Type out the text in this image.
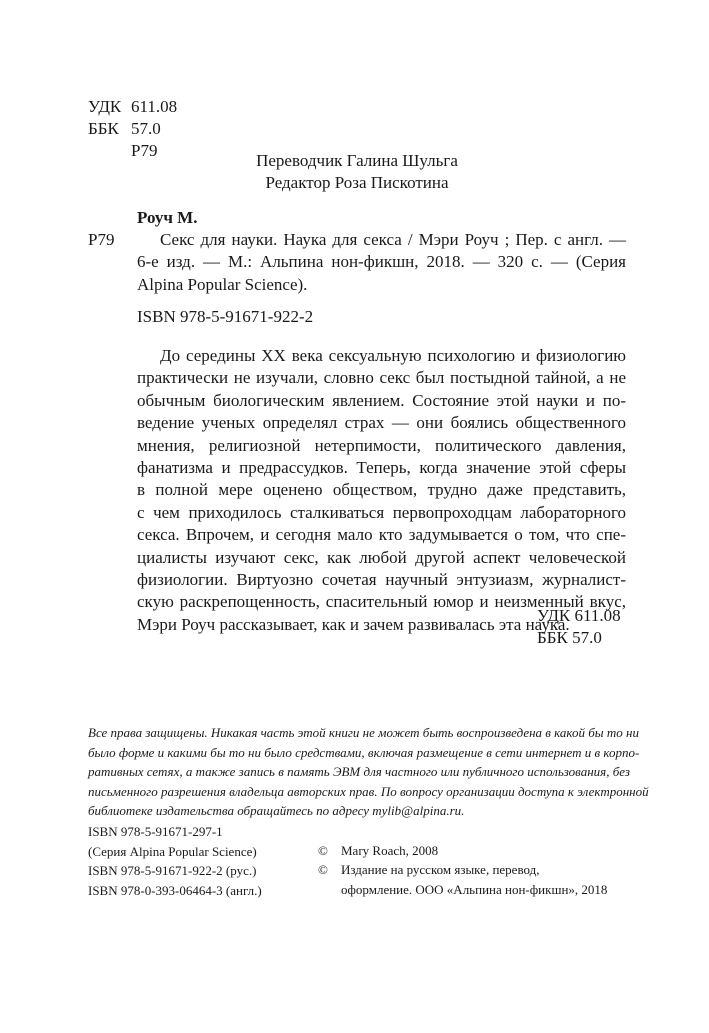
УДК 611.08
ББК 57.0
Р79
Переводчик Галина Шульга
Редактор Роза Пискотина
Роуч М.
Р79	Секс для науки. Наука для секса / Мэри Роуч ; Пер. с англ. —
6-е изд. — М.: Альпина нон-фикшн, 2018. — 320 с. — (Серия
Alpina Popular Science).
ISBN 978-5-91671-922-2
До середины XX века сексуальную психологию и физиологию
практически не изучали, словно секс был постыдной тайной, а не
обычным биологическим явлением. Состояние этой науки и по-
ведение ученых определял страх — они боялись общественного
мнения, религиозной нетерпимости, политического давления,
фанатизма и предрассудков. Теперь, когда значение этой сферы
в полной мере оценено обществом, трудно даже представить,
с чем приходилось сталкиваться первопроходцам лабораторного
секса. Впрочем, и сегодня мало кто задумывается о том, что спе-
циалисты изучают секс, как любой другой аспект человеческой
физиологии. Виртуозно сочетая научный энтузиазм, журналист-
скую раскрепощенность, спасительный юмор и неизменный вкус,
Мэри Роуч рассказывает, как и зачем развивалась эта наука.
УДК 611.08
ББК 57.0
Все права защищены. Никакая часть этой книги не может быть воспроизведена в какой бы то ни
было форме и какими бы то ни было средствами, включая размещение в сети интернет и в корпо-
ративных сетях, а также запись в память ЭВМ для частного или публичного использования, без
письменного разрешения владельца авторских прав. По вопросу организации доступа к электронной
библиотеке издательства обращайтесь по адресу mylib@alpina.ru.
ISBN 978-5-91671-297-1
(Серия Alpina Popular Science)
ISBN 978-5-91671-922-2 (рус.)
ISBN 978-0-393-06464-3 (англ.)
© Mary Roach, 2008
© Издание на русском языке, перевод,
оформление. ООО «Альпина нон-фикшн», 2018
